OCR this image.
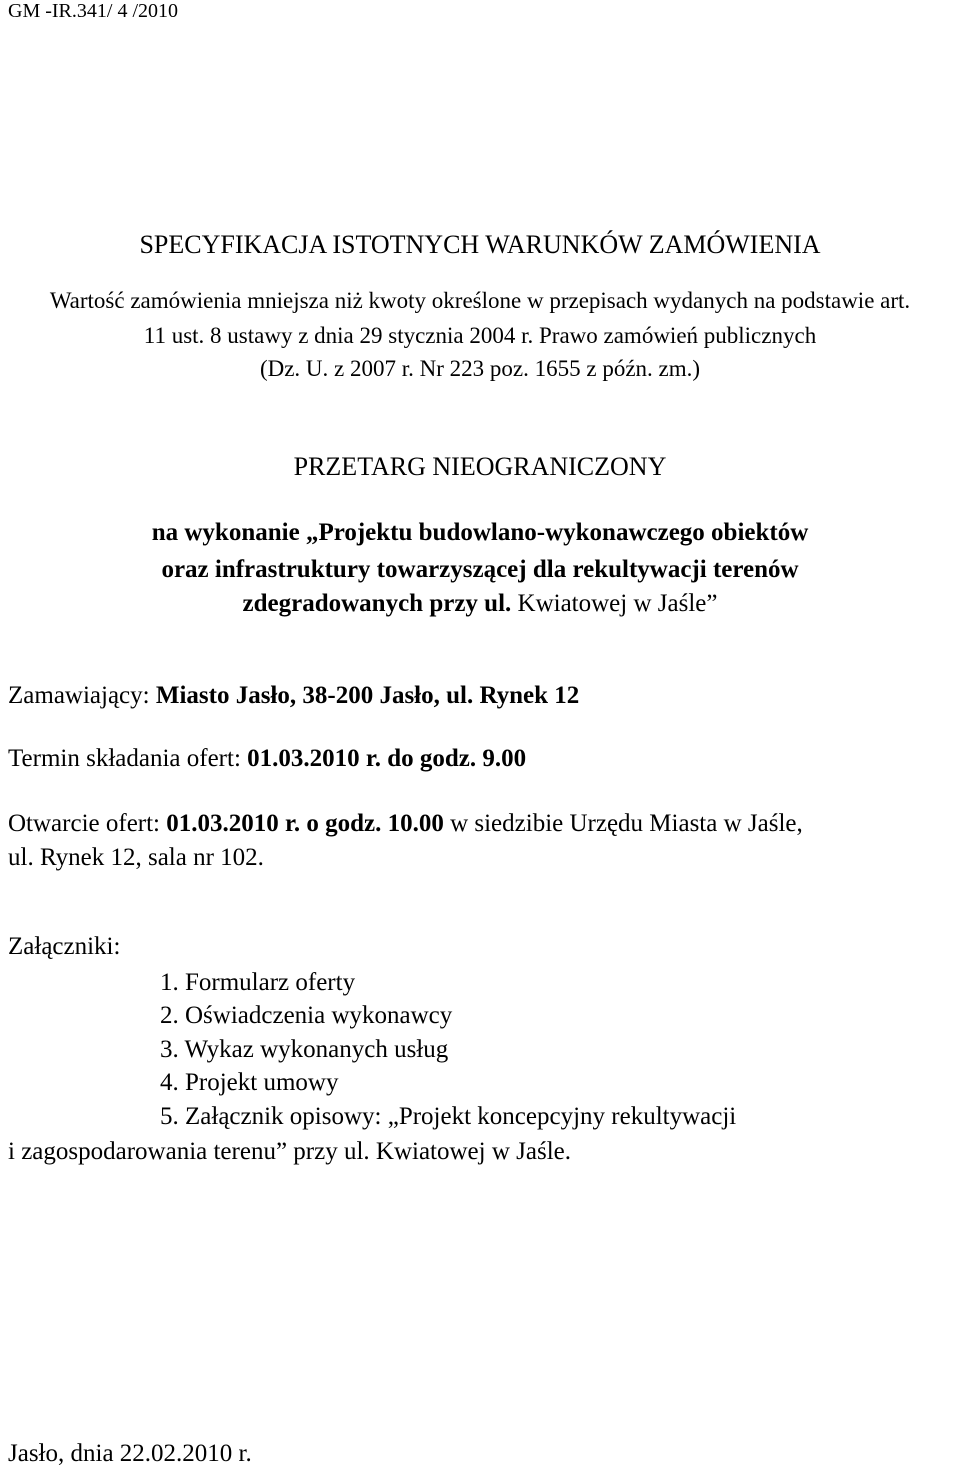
GM -IR.341/ 4 /2010
SPECYFIKACJA ISTOTNYCH WARUNKÓW ZAMÓWIENIA
Wartość zamówienia mniejsza niż kwoty określone w przepisach wydanych na podstawie art.
11 ust. 8 ustawy z dnia 29 stycznia 2004 r. Prawo zamówień publicznych
(Dz. U. z 2007 r. Nr 223 poz. 1655 z późn. zm.)
PRZETARG NIEOGRANICZONY
na wykonanie „Projektu budowlano-wykonawczego obiektów
oraz infrastruktury towarzyszącej dla rekultywacji terenów
zdegradowanych przy ul. Kwiatowej w Jaśle”
Zamawiający: Miasto Jasło, 38-200 Jasło, ul. Rynek 12
Termin składania ofert: 01.03.2010 r. do godz. 9.00
Otwarcie ofert: 01.03.2010 r. o godz. 10.00 w siedzibie Urzędu Miasta w Jaśle,
ul. Rynek 12, sala nr 102.
Załączniki:
1. Formularz oferty
2. Oświadczenia wykonawcy
3. Wykaz wykonanych usług
4. Projekt umowy
5. Załącznik opisowy: „Projekt koncepcyjny rekultywacji
i zagospodarowania terenu” przy ul. Kwiatowej w Jaśle.
Jasło, dnia 22.02.2010 r.
